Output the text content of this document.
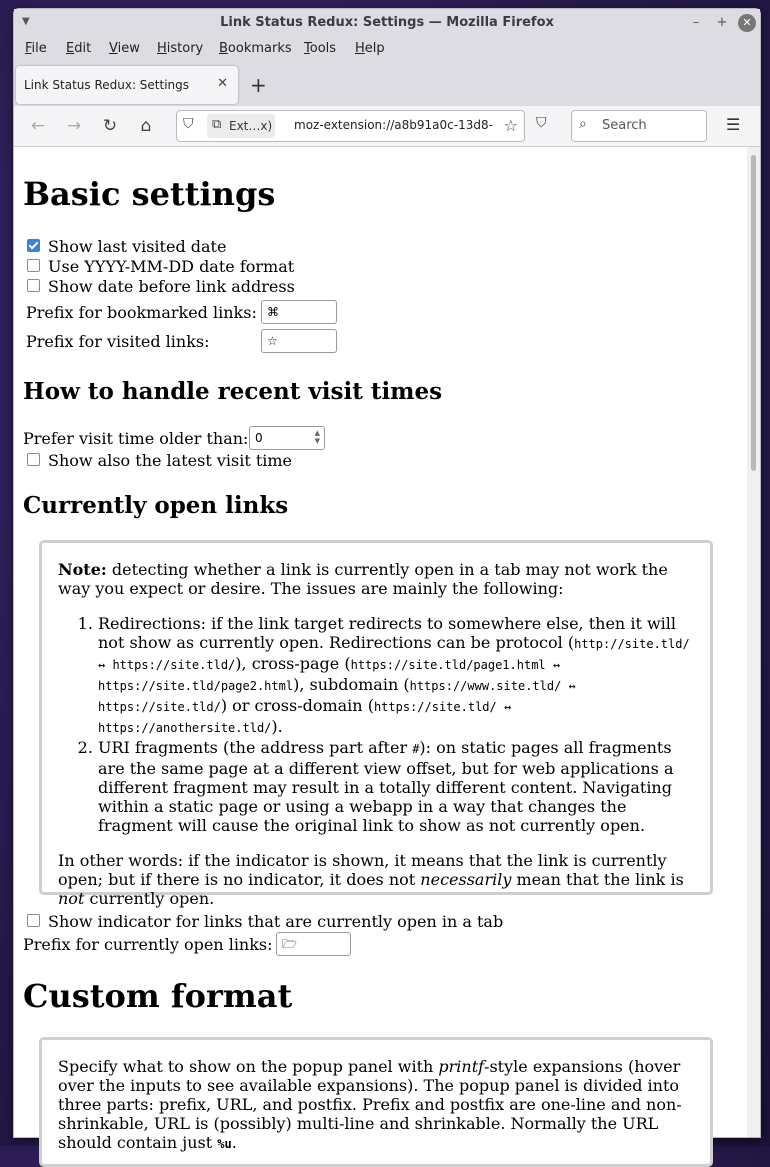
▼	Link Status Redux: Settings — Mozilla Firefox	–	+	✕
File Edit View History Bookmarks Tools Help
Link Status Redux: Settings ✕ +
← → ↻	⌂	⛉ ⧉ Ext…x) moz-extension://a8b91a0c-13d8- ☆ ⛉ ⌕ Search	☰
Basic settings
Show last visited date
Use YYYY-MM-DD date format
Show date before link address
Prefix for bookmarked links: ⌘
Prefix for visited links:	☆
How to handle recent visit times
Prefer visit time older than: 0	▲
▼
Show also the latest visit time
Currently open links

Note: detecting whether a link is currently open in a tab may not work the way you expect or desire. The issues are mainly the following:

1. Redirections: if the link target redirects to somewhere else, then it will not show as currently open. Redirections can be protocol (http://site.tld/ ↔ https://site.tld/), cross-page (https://site.tld/page1.html ↔ https://site.tld/page2.html), subdomain (https://www.site.tld/ ↔ https://site.tld/) or cross-domain (https://site.tld/ ↔ https://anothersite.tld/).
2. URI fragments (the address part after #): on static pages all fragments are the same page at a different view offset, but for web applications a different fragment may result in a totally different content. Navigating within a static page or using a webapp in a way that changes the fragment will cause the original link to show as not currently open.

In other words: if the indicator is shown, it means that the link is currently open; but if there is no indicator, it does not necessarily mean that the link is not currently open.

Show indicator for links that are currently open in a tab
Prefix for currently open links: 🗁
Custom format

Specify what to show on the popup panel with printf-style expansions (hover over the inputs to see available expansions). The popup panel is divided into three parts: prefix, URL, and postfix. Prefix and postfix are one-line and non-shrinkable, URL is (possibly) multi-line and shrinkable. Normally the URL should contain just %u.
